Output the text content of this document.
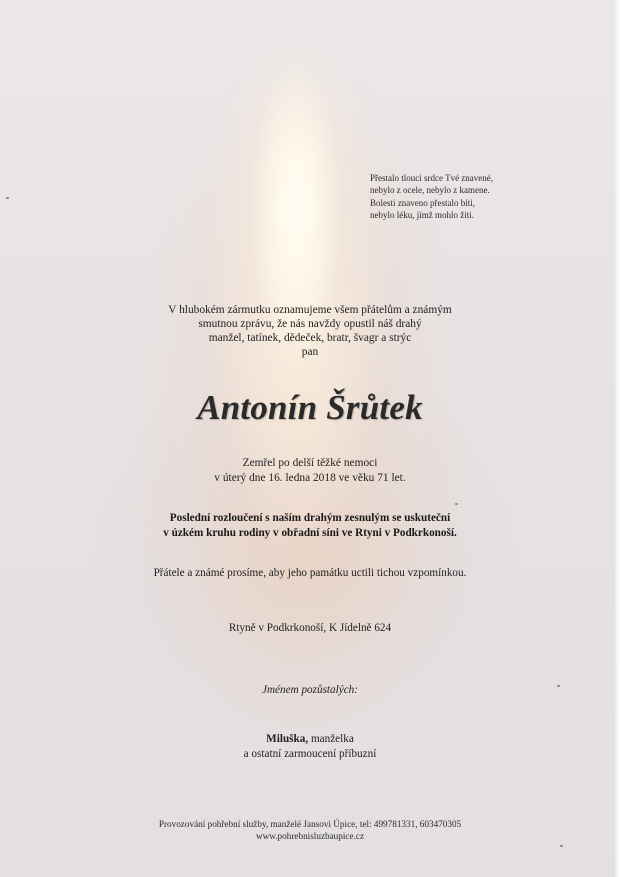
Přestalo tlouci srdce Tvé znavené,
nebylo z ocele, nebylo z kamene.
Bolesti znaveno přestalo bíti,
nebylo léku, jímž mohlo žíti.
V hlubokém zármutku oznamujeme všem přátelům a známým
smutnou zprávu, že nás navždy opustil náš drahý
manžel, tatínek, dědeček, bratr, švagr a strýc
pan
Antonín Šrůtek
Zemřel po delší těžké nemoci
v úterý dne 16. ledna 2018 ve věku 71 let.
Poslední rozloučení s naším drahým zesnulým se uskuteční
v úzkém kruhu rodiny v obřadní síni ve Rtyni v Podkrkonoší.
Přátele a známé prosíme, aby jeho památku uctili tichou vzpomínkou.
Rtyně v Podkrkonoší, K Jídelně 624
Jménem pozůstalých:
Miluška, manželka
a ostatní zarmoucení příbuzní
Provozování pohřební služby, manželé Jansovi Úpice, tel: 499781331, 603470305
www.pohrebnisluzbaupice.cz
